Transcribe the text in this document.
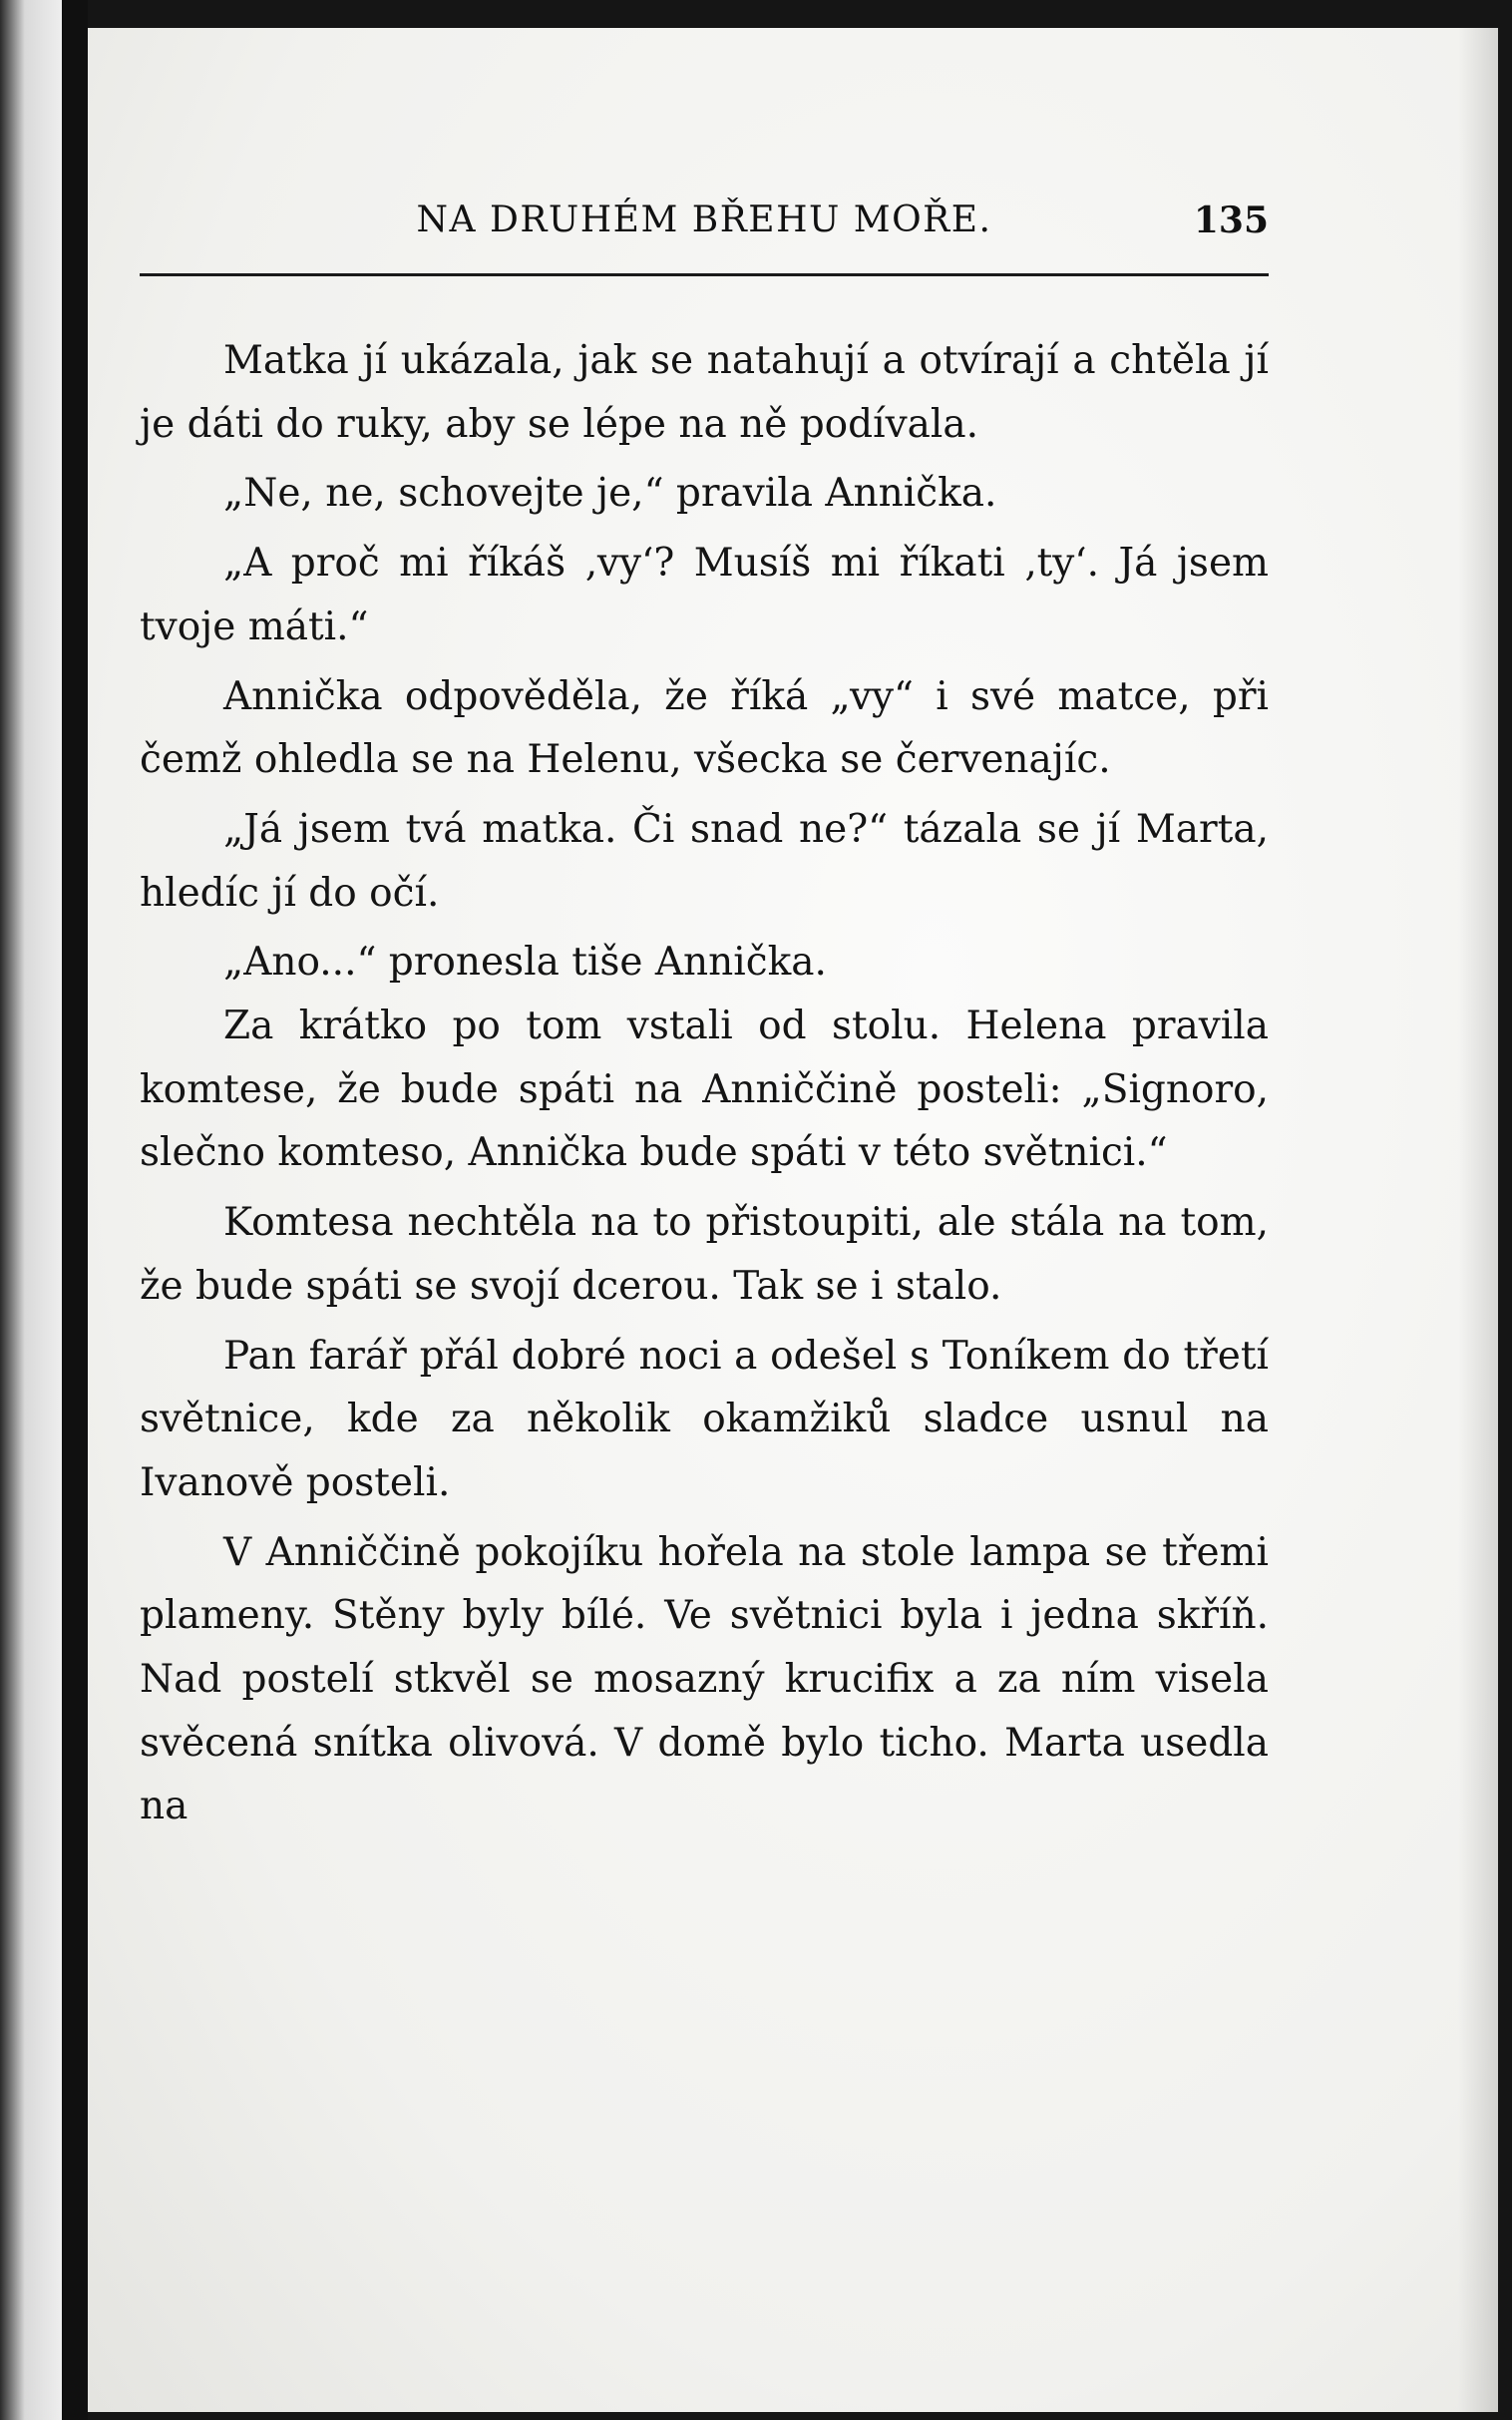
NA DRUHÉM BŘEHU MOŘE.	135

Matka jí ukázala, jak se natahují a otvírají a chtěla jí je dáti do ruky, aby se lépe na ně podívala.

„Ne, ne, schovejte je,“ pravila Annička.

„A proč mi říkáš ‚vy‘? Musíš mi říkati ‚ty‘. Já jsem tvoje máti.“

Annička odpověděla, že říká „vy“ i své matce, při čemž ohledla se na Helenu, všecka se červenajíc.

„Já jsem tvá matka. Či snad ne?“ tázala se jí Marta, hledíc jí do očí.

„Ano...“ pronesla tiše Annička.

Za krátko po tom vstali od stolu. Helena pravila komtese, že bude spáti na Anniččině posteli: „Signoro, slečno komteso, Annička bude spáti v této světnici.“

Komtesa nechtěla na to přistoupiti, ale stála na tom, že bude spáti se svojí dcerou. Tak se i stalo.

Pan farář přál dobré noci a odešel s Toníkem do třetí světnice, kde za několik okamžiků sladce usnul na Ivanově posteli.

V Anniččině pokojíku hořela na stole lampa se třemi plameny. Stěny byly bílé. Ve světnici byla i jedna skříň. Nad postelí stkvěl se mosazný krucifix a za ním visela svěcená snítka olivová. V domě bylo ticho. Marta usedla na
